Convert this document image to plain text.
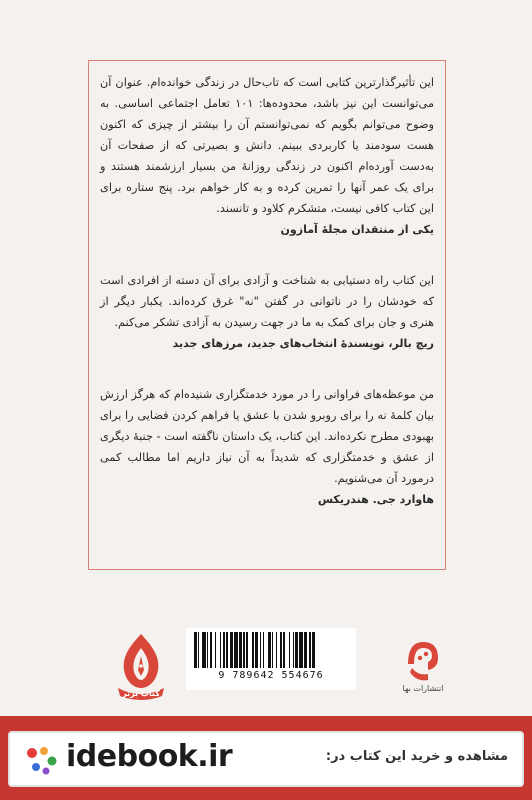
این تأثیرگذارترین کتابی است که تاب‌حال در زندگی خوانده‌ام. عنوان آن می‌توانست این نیز باشد، محدوده‌ها: ۱۰۱ تعامل اجتماعی اساسی. به وضوح می‌توانم بگویم که نمی‌توانستم آن را بیشتر از چیزی که اکنون هست سودمند یا کاربردی ببینم. دانش و بصیرتی که از صفحات آن به‌دست آورده‌ام اکنون در زندگی روزانهٔ من بسیار ارزشمند هستند و برای یک عمر آنها را تمرین کرده و به کار خواهم برد. پنج ستاره برای این کتاب کافی نیست، متشکرم کلاود و تانسند.

یکی از منتقدان مجلهٔ آمازون

این کتاب راه دستیابی به شناخت و آزادی برای آن دسته از افرادی است که خودشان را در ناتوانی در گفتن "نه" غرق کرده‌اند. یکبار دیگر از هنری و جان برای کمک به ما در جهت رسیدن به آزادی تشکر می‌کنم.

ریچ بالر، نویسندهٔ انتخاب‌های جدید، مرزهای جدید

من موعظه‌های فراوانی را در مورد خدمتگزاری شنیده‌ام که هرگز ارزش بیان کلمهٔ نه را برای روبرو شدن با عشق یا فراهم کردن فضایی را برای بهبودی مطرح نکرده‌اند. این کتاب، یک داستان ناگفته است - جنبهٔ دیگری از عشق و خدمتگزاری که شدیداً به آن نیاز داریم اما مطالب کمی درمورد آن می‌شنویم.

هاوارد جی. هندریکس

کتاب برتر
9 789642 554676
انتشارات بها
idebook.ir	مشاهده و خرید این کتاب در:
